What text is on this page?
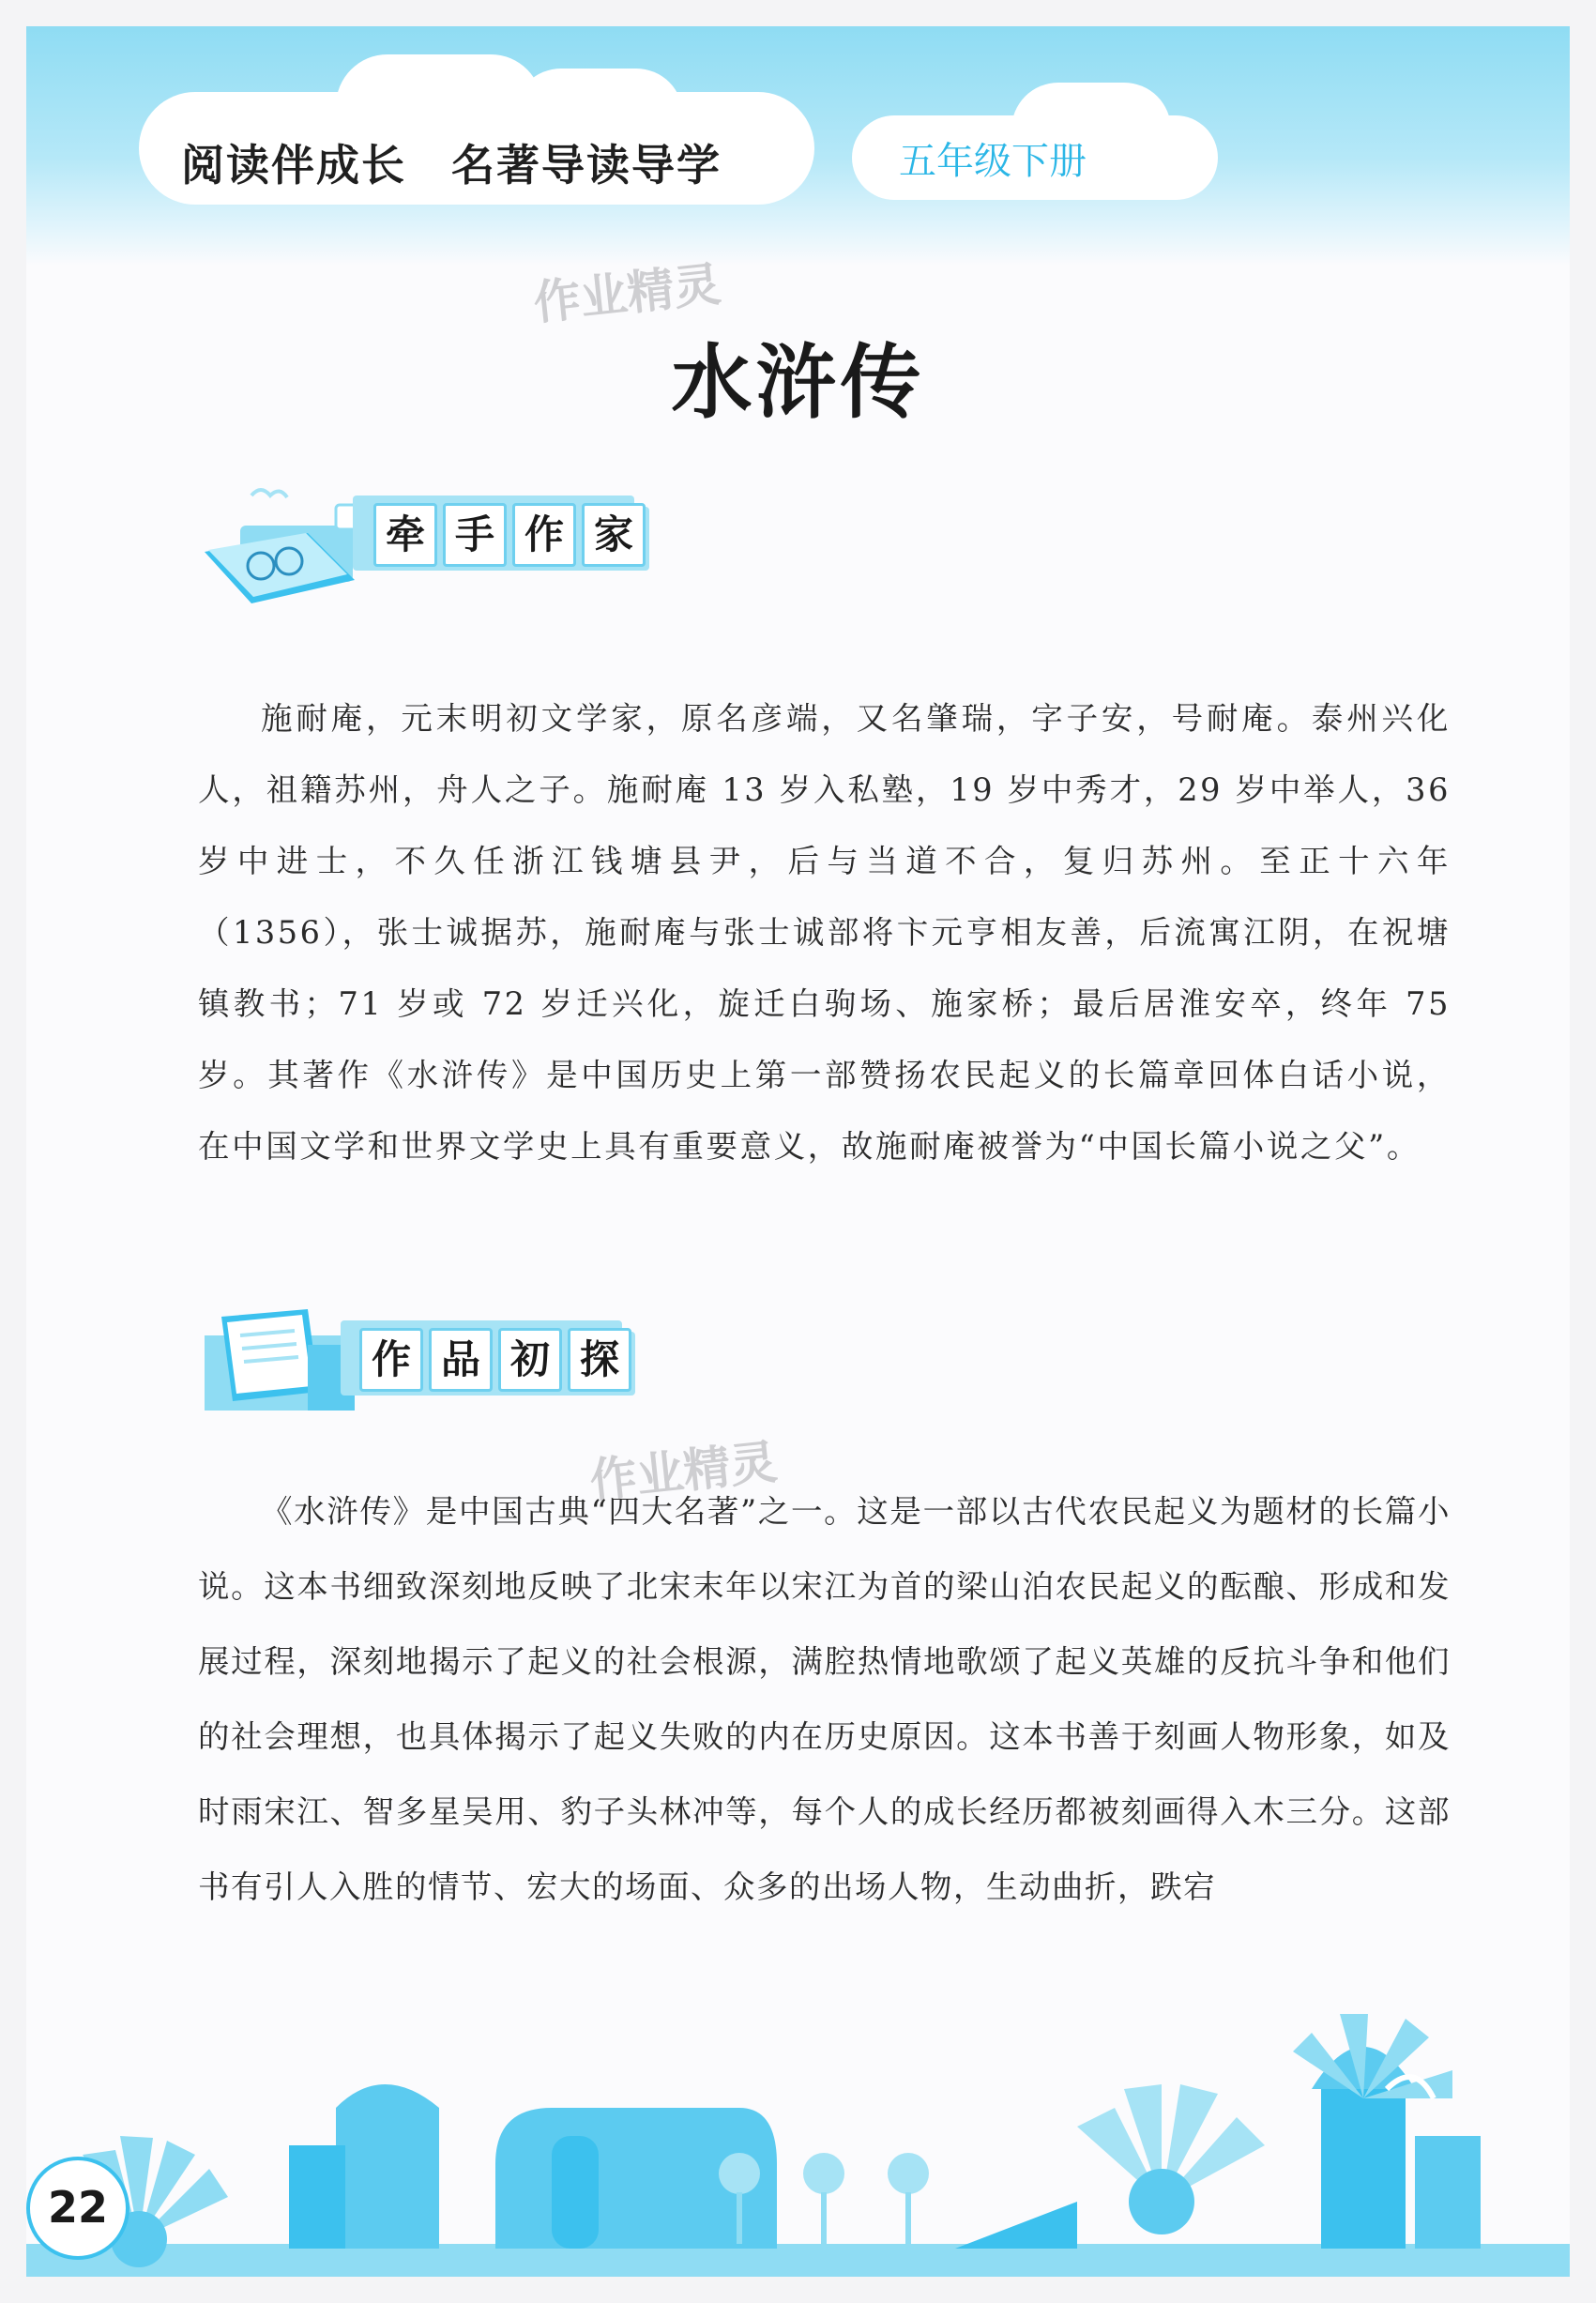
阅读伴成长　名著导读导学	五年级下册
作业精灵
水浒传
牵 手 作 家

施耐庵，元末明初文学家，原名彦端，又名肇瑞，字子安，号耐庵。泰州兴化人，祖籍苏州，舟人之子。施耐庵 13 岁入私塾，19 岁中秀才，29 岁中举人，36 岁中进士，不久任浙江钱塘县尹，后与当道不合，复归苏州。至正十六年（1356），张士诚据苏，施耐庵与张士诚部将卞元亨相友善，后流寓江阴，在祝塘镇教书；71 岁或 72 岁迁兴化，旋迁白驹场、施家桥；最后居淮安卒，终年 75 岁。其著作《水浒传》是中国历史上第一部赞扬农民起义的长篇章回体白话小说，在中国文学和世界文学史上具有重要意义，故施耐庵被誉为“中国长篇小说之父”。

作 品 初 探
作业精灵

《水浒传》是中国古典“四大名著”之一。这是一部以古代农民起义为题材的长篇小说。这本书细致深刻地反映了北宋末年以宋江为首的梁山泊农民起义的酝酿、形成和发展过程，深刻地揭示了起义的社会根源，满腔热情地歌颂了起义英雄的反抗斗争和他们的社会理想，也具体揭示了起义失败的内在历史原因。这本书善于刻画人物形象，如及时雨宋江、智多星吴用、豹子头林冲等，每个人的成长经历都被刻画得入木三分。这部书有引人入胜的情节、宏大的场面、众多的出场人物，生动曲折，跌宕

22
